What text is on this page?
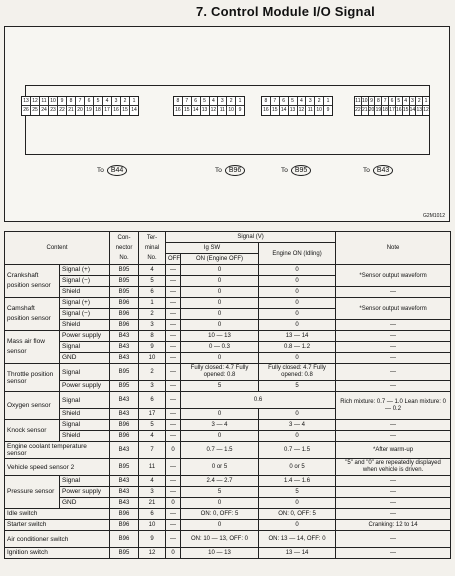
7. Control Module I/O Signal
13 12 11 10 9	8	7	6	5	4	3	2	1
26 25 24 23 22 21 20 19 18 17 16 15 14
To	B44
8	7	6	5	4	3	2	1
16 15 14 13 12 11 10 9
To	B96
8	7	6	5	4	3	2	1
16 15 14 13 12 11 10 9
To	B95
11 10 9 8 7 6 5 4 3 2 1
22 21 20 19 18 17 16 15 14 13 12
To	B43
G2M1012
Content		Con-nector No.	Ter-minal No.	Signal (V)			Note
				Ig SW		Engine ON (Idling)	
				OFF	ON (Engine OFF)		
Crankshaft position sensor	Signal (+)	B95	4	—	0	0	*Sensor output waveform
	Signal (−)	B95	5	—	0	0	
	Shield	B95	6	—	0	0	—
Camshaft position sensor	Signal (+)	B96	1	—	0	0	*Sensor output waveform
	Signal (−)	B96	2	—	0	0	
	Shield	B96	3	—	0	0	—
Mass air flow sensor	Power supply	B43	8	—	10 — 13	13 — 14	—
	Signal	B43	9	—	0 — 0.3	0.8 — 1.2	—
	GND	B43	10	—	0	0	—
Throttle position sensor	Signal	B95	2	—	Fully closed: 4.7 Fully opened: 0.8	Fully closed: 4.7 Fully opened: 0.8	—
	Power supply	B95	3	—	5	5	—
Oxygen sensor	Signal	B43	6	—	0.6		Rich mixture: 0.7 — 1.0 Lean mixture: 0 — 0.2
	Shield	B43	17	—	0	0	
Knock sensor	Signal	B96	5	—	3 — 4	3 — 4	—
	Shield	B96	4	—	0	0	—
Engine coolant temperature sensor		B43	7	0	0.7 — 1.5	0.7 — 1.5	*After warm-up
Vehicle speed sensor 2		B95	11	—	0 or 5	0 or 5	"5" and "0" are repeatedly displayed when vehicle is driven.
Pressure sensor	Signal	B43	4	—	2.4 — 2.7	1.4 — 1.6	—
	Power supply	B43	3	—	5	5	—
	GND	B43	21	0	0	0	—
Idle switch		B96	6	—	ON: 0, OFF: 5	ON: 0, OFF: 5	—
Starter switch		B96	10	—	0	0	Cranking: 12 to 14
Air conditioner switch		B96	9	—	ON: 10 — 13, OFF: 0	ON: 13 — 14, OFF: 0	—
Ignition switch		B95	12	0	10 — 13	13 — 14	—
